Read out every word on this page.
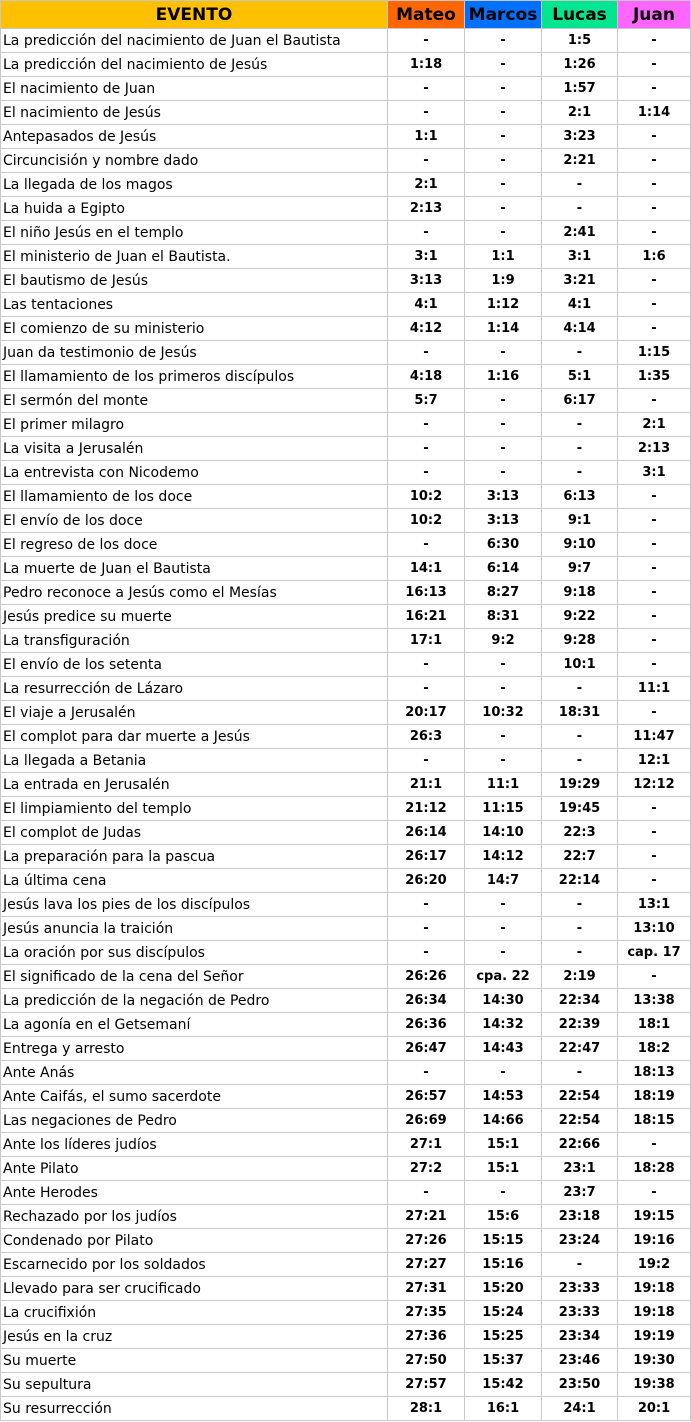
EVENTO	Mateo	Marcos	Lucas	Juan
La predicción del nacimiento de Juan el Bautista	-	-	1:5	-
La predicción del nacimiento de Jesús	1:18	-	1:26	-
El nacimiento de Juan	-	-	1:57	-
El nacimiento de Jesús	-	-	2:1	1:14
Antepasados de Jesús	1:1	-	3:23	-
Circuncisión y nombre dado	-	-	2:21	-
La llegada de los magos	2:1	-	-	-
La huida a Egipto	2:13	-	-	-
El niño Jesús en el templo	-	-	2:41	-
El ministerio de Juan el Bautista.	3:1	1:1	3:1	1:6
El bautismo de Jesús	3:13	1:9	3:21	-
Las tentaciones	4:1	1:12	4:1	-
El comienzo de su ministerio	4:12	1:14	4:14	-
Juan da testimonio de Jesús	-	-	-	1:15
El llamamiento de los primeros discípulos	4:18	1:16	5:1	1:35
El sermón del monte	5:7	-	6:17	-
El primer milagro	-	-	-	2:1
La visita a Jerusalén	-	-	-	2:13
La entrevista con Nicodemo	-	-	-	3:1
El llamamiento de los doce	10:2	3:13	6:13	-
El envío de los doce	10:2	3:13	9:1	-
El regreso de los doce	-	6:30	9:10	-
La muerte de Juan el Bautista	14:1	6:14	9:7	-
Pedro reconoce a Jesús como el Mesías	16:13	8:27	9:18	-
Jesús predice su muerte	16:21	8:31	9:22	-
La transfiguración	17:1	9:2	9:28	-
El envío de los setenta	-	-	10:1	-
La resurrección de Lázaro	-	-	-	11:1
El viaje a Jerusalén	20:17	10:32	18:31	-
El complot para dar muerte a Jesús	26:3	-	-	11:47
La llegada a Betania	-	-	-	12:1
La entrada en Jerusalén	21:1	11:1	19:29	12:12
El limpiamiento del templo	21:12	11:15	19:45	-
El complot de Judas	26:14	14:10	22:3	-
La preparación para la pascua	26:17	14:12	22:7	-
La última cena	26:20	14:7	22:14	-
Jesús lava los pies de los discípulos	-	-	-	13:1
Jesús anuncia la traición	-	-	-	13:10
La oración por sus discípulos	-	-	-	cap. 17
El significado de la cena del Señor	26:26	cpa. 22	2:19	-
La predicción de la negación de Pedro	26:34	14:30	22:34	13:38
La agonía en el Getsemaní	26:36	14:32	22:39	18:1
Entrega y arresto	26:47	14:43	22:47	18:2
Ante Anás	-	-	-	18:13
Ante Caifás, el sumo sacerdote	26:57	14:53	22:54	18:19
Las negaciones de Pedro	26:69	14:66	22:54	18:15
Ante los líderes judíos	27:1	15:1	22:66	-
Ante Pilato	27:2	15:1	23:1	18:28
Ante Herodes	-	-	23:7	-
Rechazado por los judíos	27:21	15:6	23:18	19:15
Condenado por Pilato	27:26	15:15	23:24	19:16
Escarnecido por los soldados	27:27	15:16	-	19:2
Llevado para ser crucificado	27:31	15:20	23:33	19:18
La crucifixión	27:35	15:24	23:33	19:18
Jesús en la cruz	27:36	15:25	23:34	19:19
Su muerte	27:50	15:37	23:46	19:30
Su sepultura	27:57	15:42	23:50	19:38
Su resurrección	28:1	16:1	24:1	20:1
